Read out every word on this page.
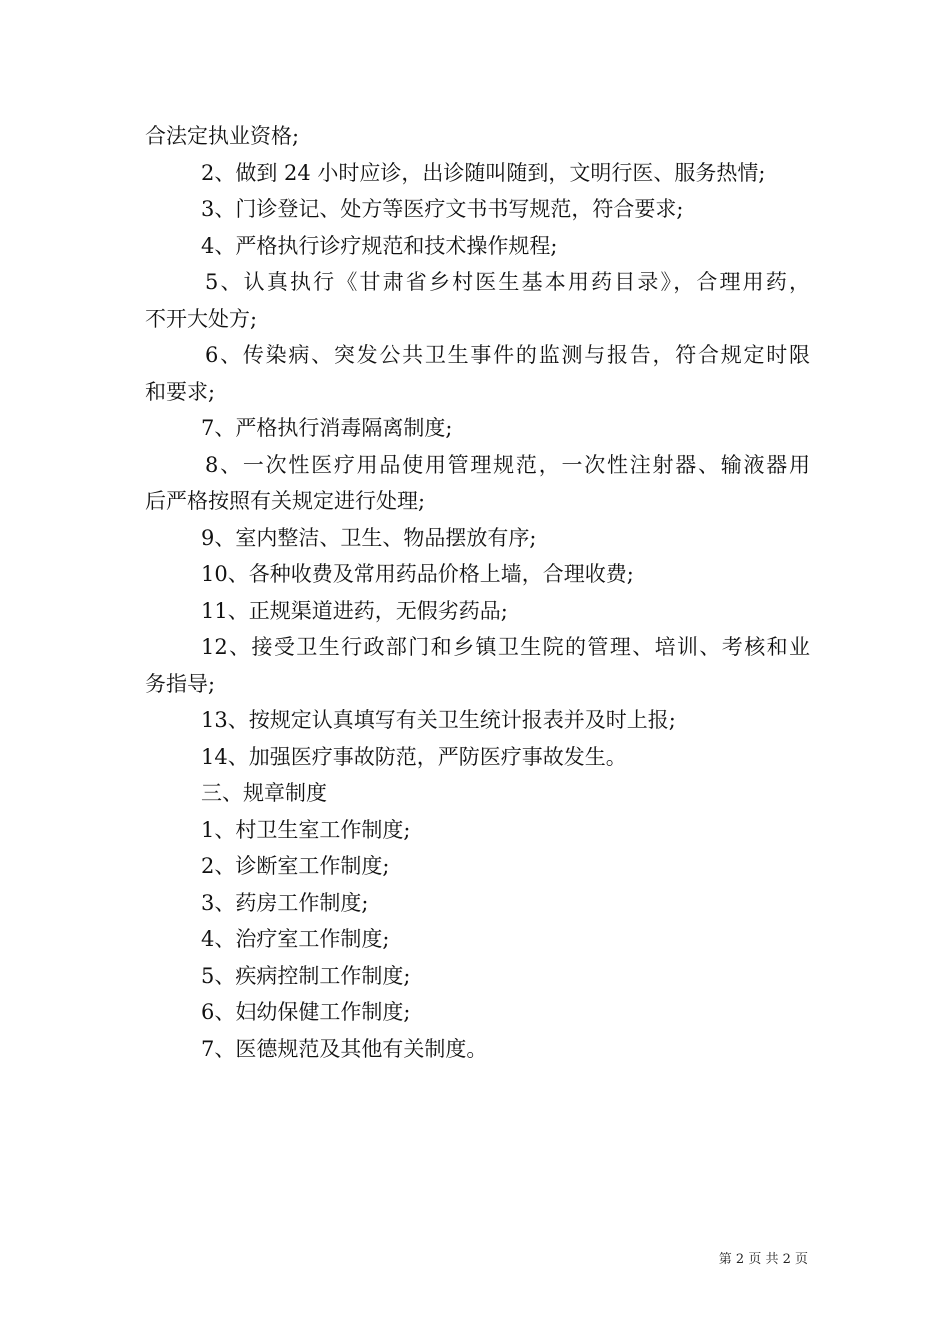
合法定执业资格;
2、做到 24 小时应诊，出诊随叫随到，文明行医、服务热情;
3、门诊登记、处方等医疗文书书写规范，符合要求;
4、严格执行诊疗规范和技术操作规程;
5、认真执行《甘肃省乡村医生基本用药目录》，合理用药，
不开大处方;
6、传染病、突发公共卫生事件的监测与报告，符合规定时限
和要求;
7、严格执行消毒隔离制度;
8、一次性医疗用品使用管理规范，一次性注射器、输液器用
后严格按照有关规定进行处理;
9、室内整洁、卫生、物品摆放有序;
10、各种收费及常用药品价格上墙，合理收费;
11、正规渠道进药，无假劣药品;
12、接受卫生行政部门和乡镇卫生院的管理、培训、考核和业
务指导;
13、按规定认真填写有关卫生统计报表并及时上报;
14、加强医疗事故防范，严防医疗事故发生。
三、规章制度
1、村卫生室工作制度;
2、诊断室工作制度;
3、药房工作制度;
4、治疗室工作制度;
5、疾病控制工作制度;
6、妇幼保健工作制度;
7、医德规范及其他有关制度。
第 2 页 共 2 页
